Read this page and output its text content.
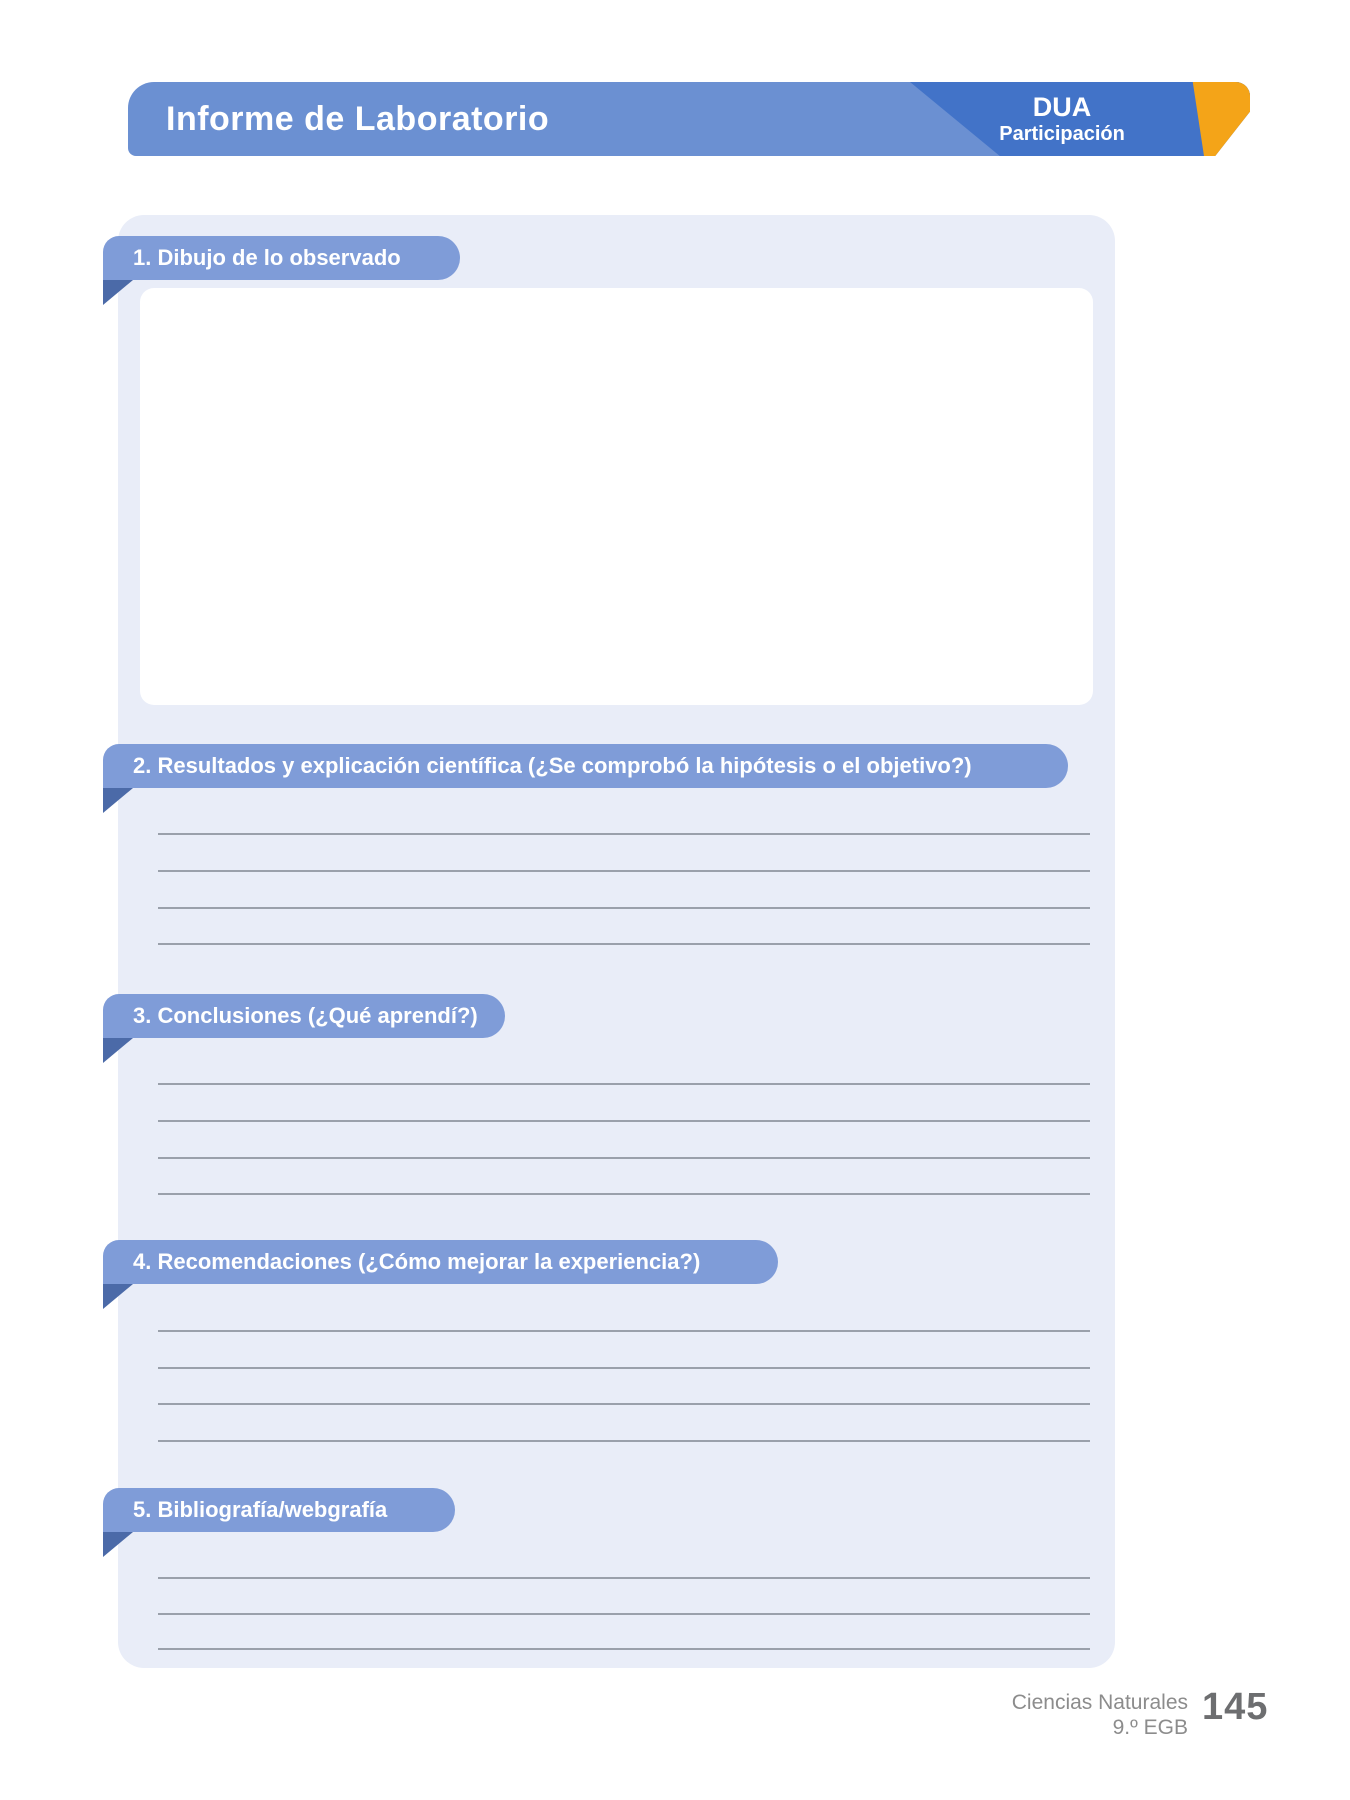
Informe de Laboratorio	DUA
Participación
1. Dibujo de lo observado
2. Resultados y explicación científica (¿Se comprobó la hipótesis o el objetivo?)
3. Conclusiones (¿Qué aprendí?)
4. Recomendaciones (¿Cómo mejorar la experiencia?)
5. Bibliografía/webgrafía
Ciencias Naturales
9.º EGB 145
